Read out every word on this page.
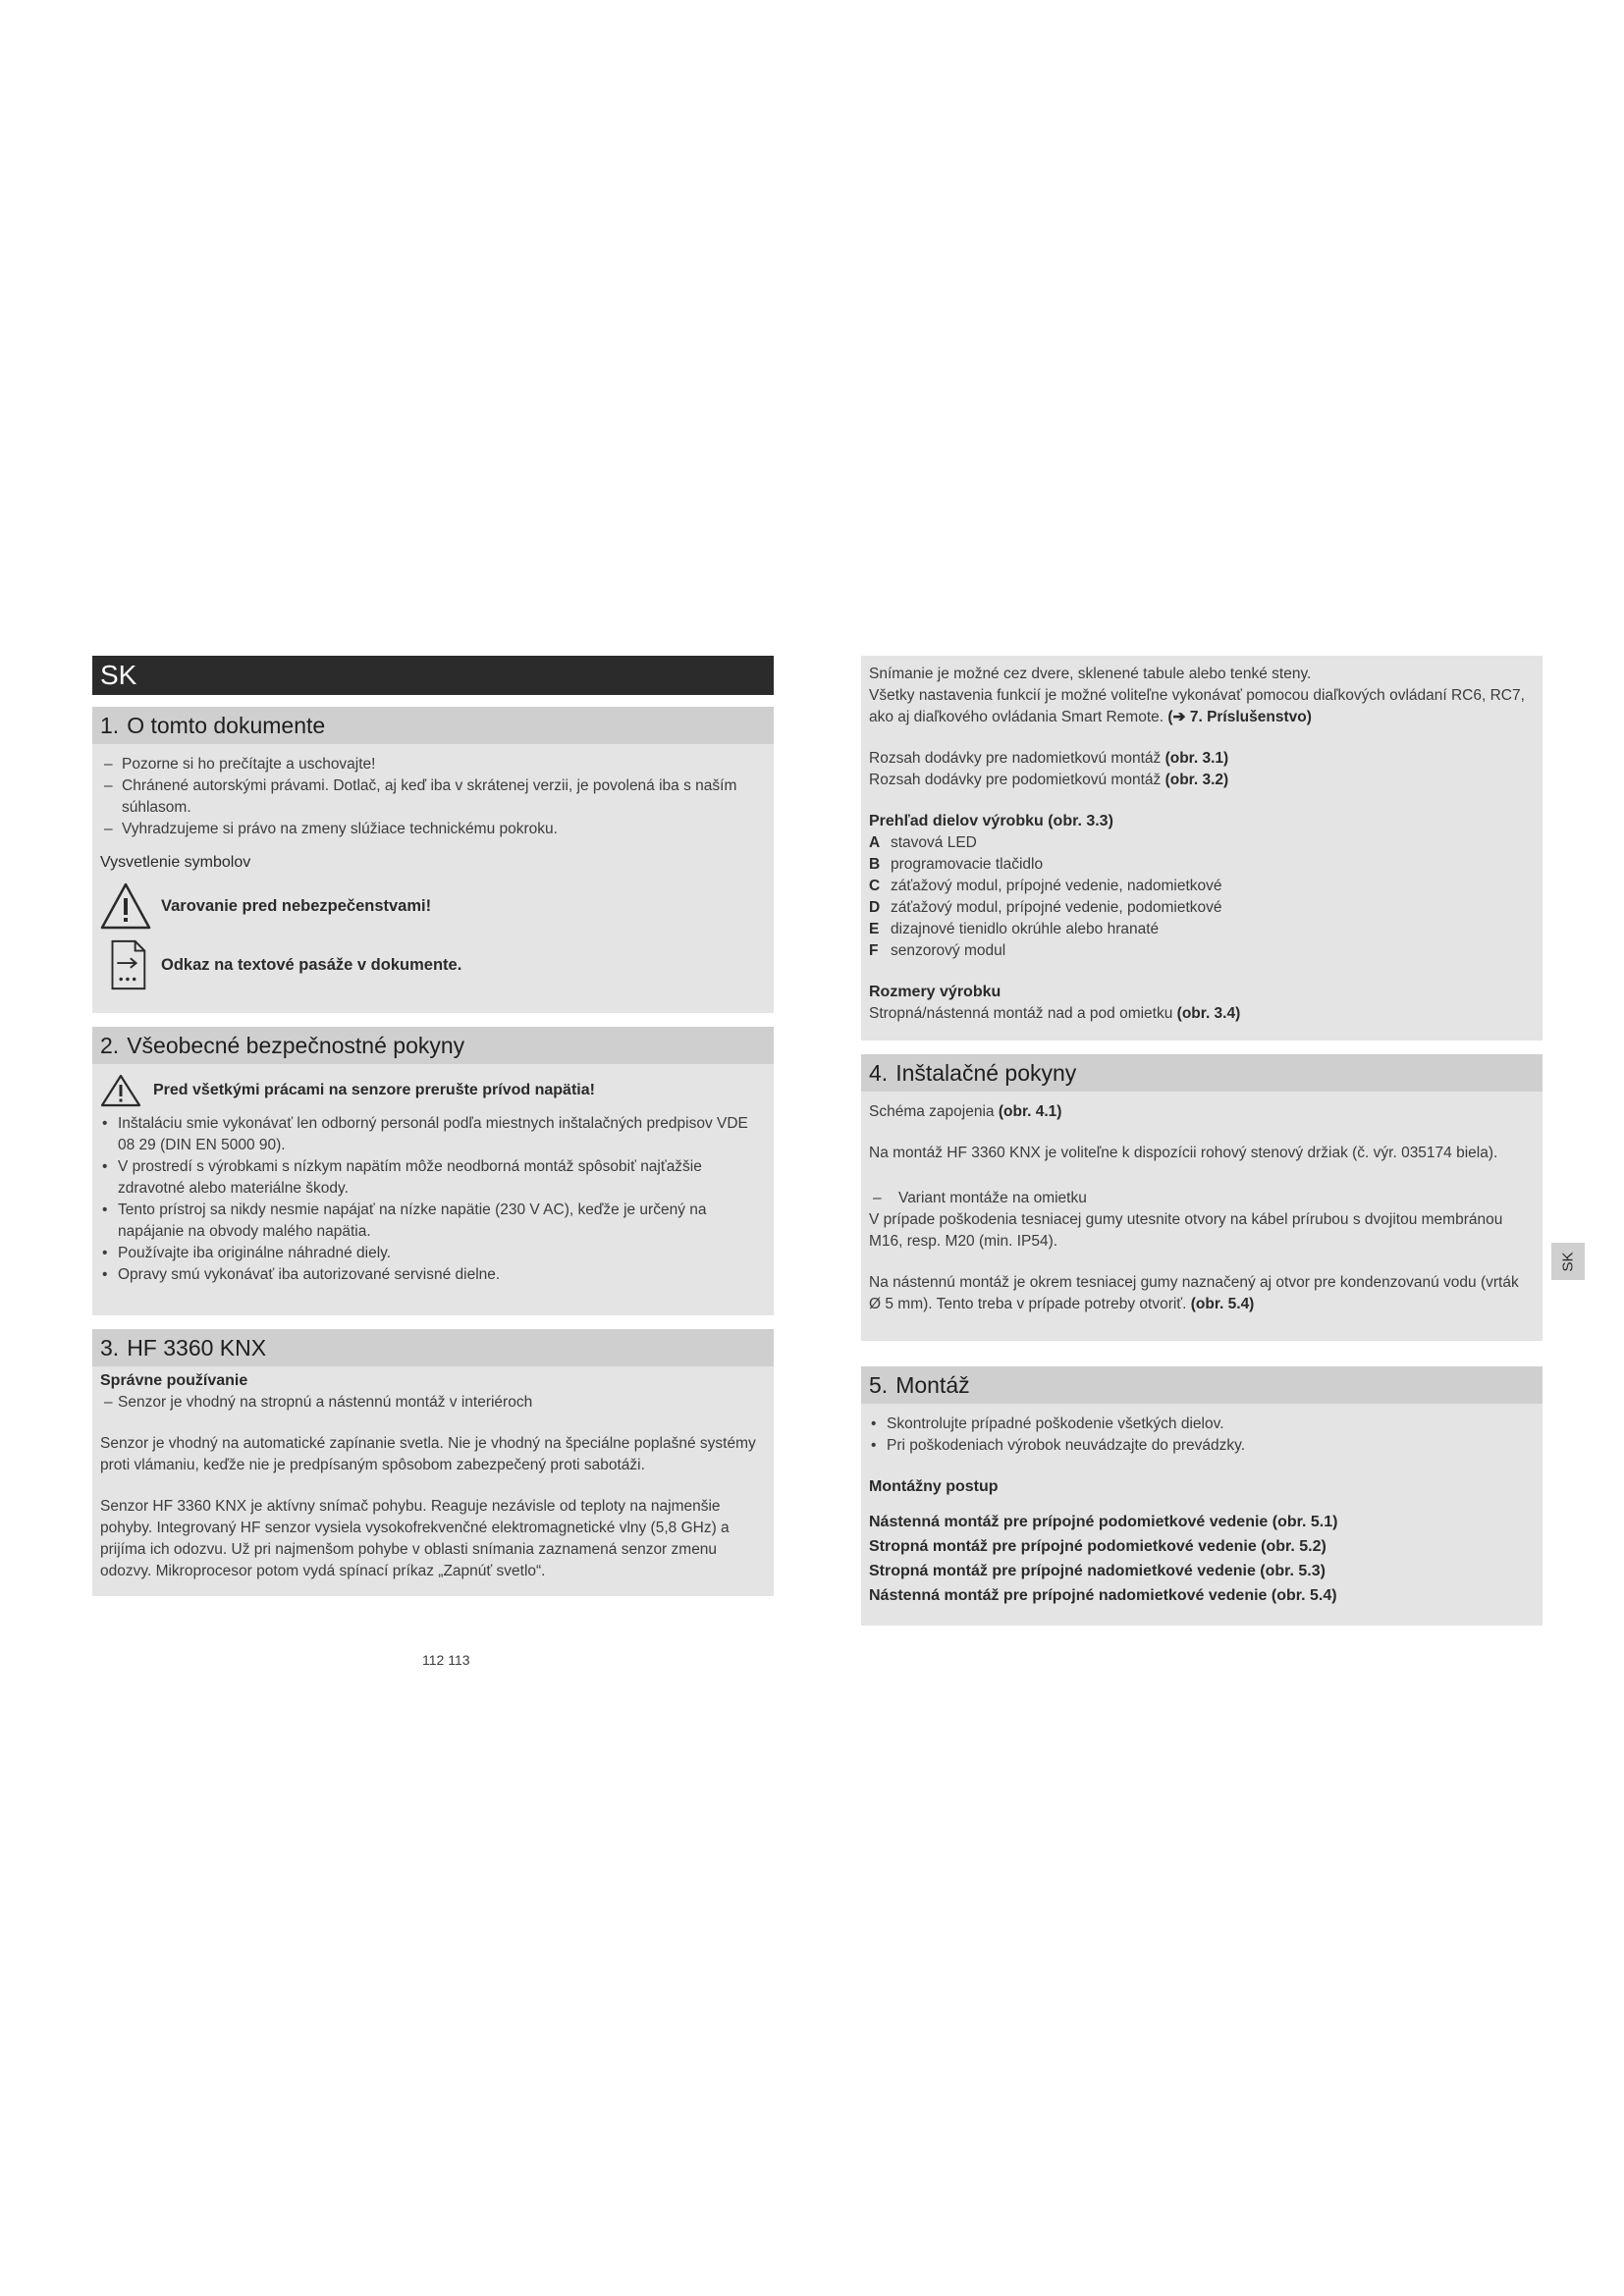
SK
1. O tomto dokumente
– Pozorne si ho prečítajte a uschovajte!
– Chránené autorskými právami. Dotlač, aj keď iba v skrátenej verzii, je povolená iba s naším súhlasom.
– Vyhradzujeme si právo na zmeny slúžiace technickému pokroku.

Vysvetlenie symbolov

Varovanie pred nebezpečenstvami!
Odkaz na textové pasáže v dokumente.
2. Všeobecné bezpečnostné pokyny
Pred všetkými prácami na senzore prerušte prívod napätia!
• Inštaláciu smie vykonávať len odborný personál podľa miestnych inštalačných predpisov VDE 08 29 (DIN EN 5000 90).
• V prostredí s výrobkami s nízkym napätím môže neodborná montáž spôsobiť najťažšie zdravotné alebo materiálne škody.
• Tento prístroj sa nikdy nesmie napájať na nízke napätie (230 V AC), keďže je určený na napájanie na obvody malého napätia.
• Používajte iba originálne náhradné diely.
• Opravy smú vykonávať iba autorizované servisné dielne.
3. HF 3360 KNX

Správne používanie

– Senzor je vhodný na stropnú a nástennú montáž v interiéroch

Senzor je vhodný na automatické zapínanie svetla. Nie je vhodný na špeciálne poplašné systémy proti vlámaniu, keďže nie je predpísaným spôsobom zabezpečený proti sabotáži.

Senzor HF 3360 KNX je aktívny snímač pohybu. Reaguje nezávisle od teploty na najmenšie pohyby. Integrovaný HF senzor vysiela vysokofrekvenčné elektromagnetické vlny (5,8 GHz) a prijíma ich odozvu. Už pri najmenšom pohybe v oblasti snímania zaznamená senzor zmenu odozvy. Mikroprocesor potom vydá spínací príkaz „Zapnúť svetlo“.

112 113

Snímanie je možné cez dvere, sklenené tabule alebo tenké steny.

Všetky nastavenia funkcií je možné voliteľne vykonávať pomocou diaľkových ovládaní RC6, RC7, ako aj diaľkového ovládania Smart Remote. (➔ 7. Príslušenstvo)

Rozsah dodávky pre nadomietkovú montáž (obr. 3.1)

Rozsah dodávky pre podomietkovú montáž (obr. 3.2)

Prehľad dielov výrobku (obr. 3.3)

A stavová LED
B programovacie tlačidlo
C záťažový modul, prípojné vedenie, nadomietkové
D záťažový modul, prípojné vedenie, podomietkové
E dizajnové tienidlo okrúhle alebo hranaté
F senzorový modul

Rozmery výrobku

Stropná/nástenná montáž nad a pod omietku (obr. 3.4)

4. Inštalačné pokyny

Schéma zapojenia (obr. 4.1)

Na montáž HF 3360 KNX je voliteľne k dispozícii rohový stenový držiak (č. výr. 035174 biela).

– Variant montáže na omietku

V prípade poškodenia tesniacej gumy utesnite otvory na kábel prírubou s dvojitou membránou M16, resp. M20 (min. IP54).

Na nástennú montáž je okrem tesniacej gumy naznačený aj otvor pre kondenzovanú vodu (vrták Ø 5 mm). Tento treba v prípade potreby otvoriť. (obr. 5.4)

5. Montáž
• Skontrolujte prípadné poškodenie všetkých dielov.
• Pri poškodeniach výrobok neuvádzajte do prevádzky.

Montážny postup

Nástenná montáž pre prípojné podomietkové vedenie (obr. 5.1)

Stropná montáž pre prípojné podomietkové vedenie (obr. 5.2)

Stropná montáž pre prípojné nadomietkové vedenie (obr. 5.3)

Nástenná montáž pre prípojné nadomietkové vedenie (obr. 5.4)

SK
